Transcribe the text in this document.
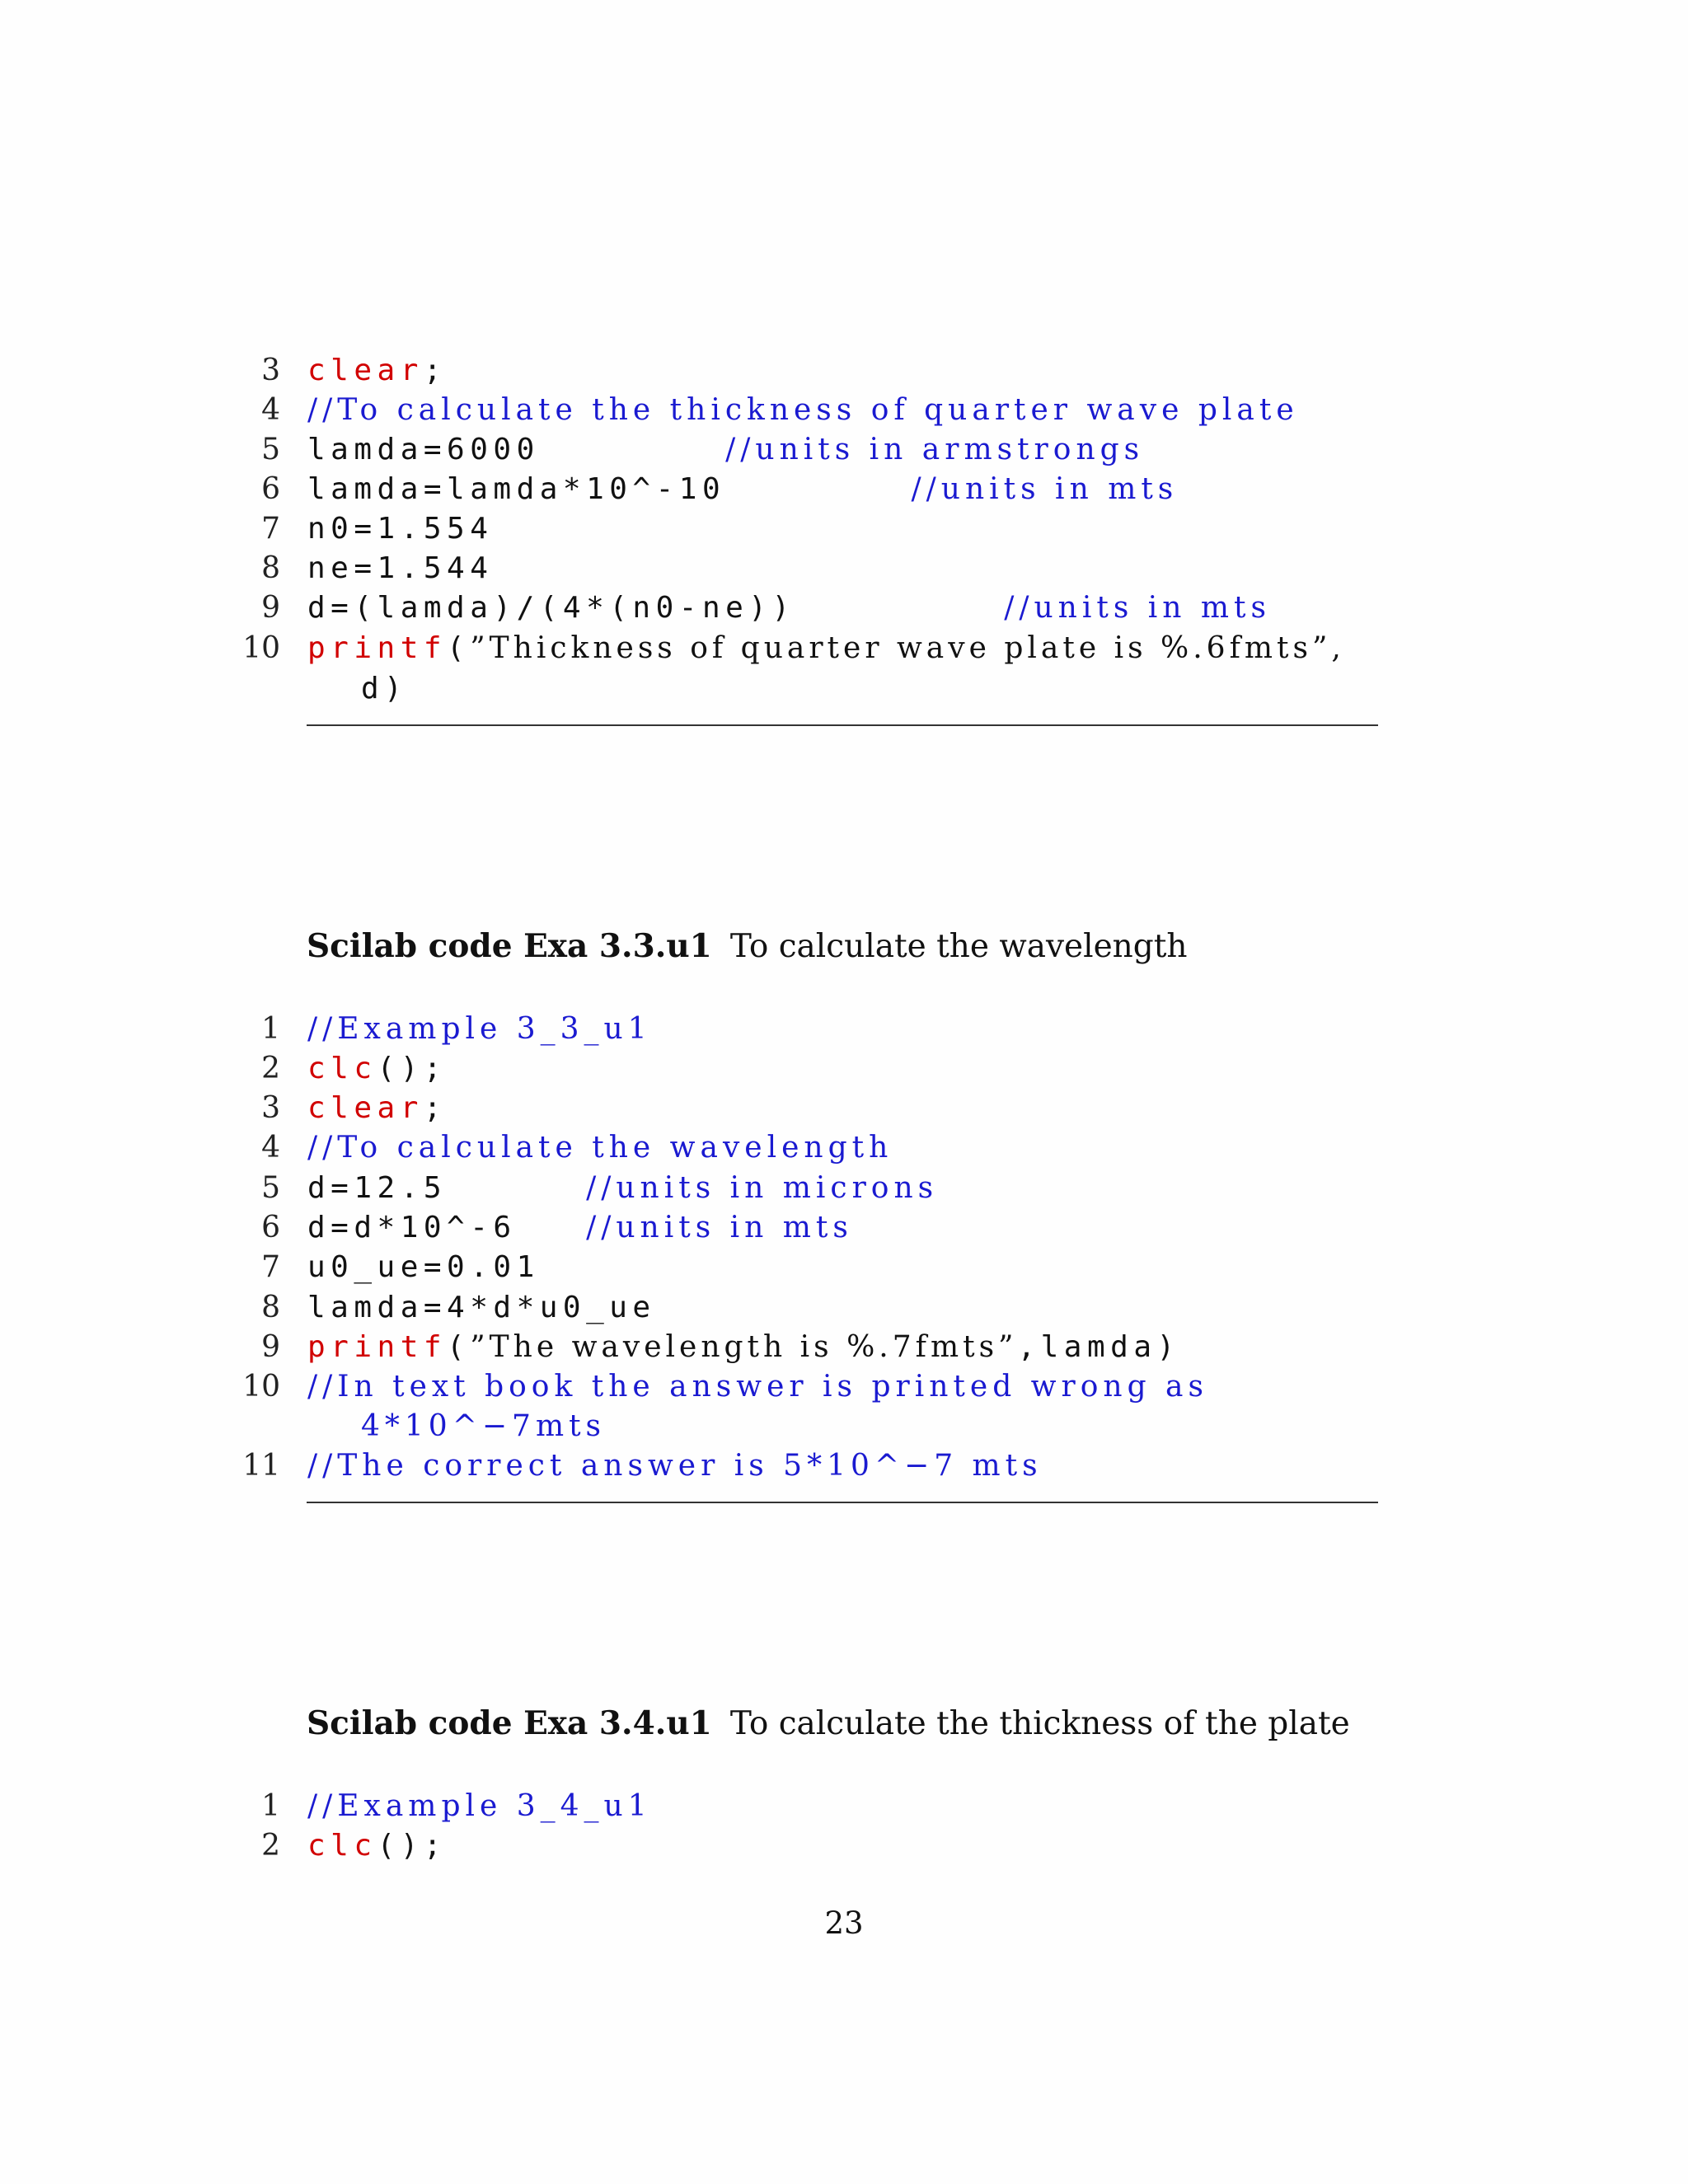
3 clear;
4 //To calculate the thickness of quarter wave plate
5 lamda=6000        //units in armstrongs
6 lamda=lamda*10^-10        //units in mts
7 n0=1.554
8 ne=1.544
9 d=(lamda)/(4*(n0-ne))         //units in mts
10 printf(”Thickness of quarter wave plate is %.6fmts”,
d)
Scilab code Exa 3.3.u1 To calculate the wavelength
1 //Example 3_3_u1
2 clc();
3 clear;
4 //To calculate the wavelength
5 d=12.5      //units in microns
6 d=d*10^-6   //units in mts
7 u0_ue=0.01
8 lamda=4*d*u0_ue
9 printf(”The wavelength is %.7fmts”,lamda)
10 //In text book the answer is printed wrong as
11 //The correct answer is 5*10^−7 mts
4*10^−7mts
Scilab code Exa 3.4.u1 To calculate the thickness of the plate
1 //Example 3_4_u1
2 clc();
23
